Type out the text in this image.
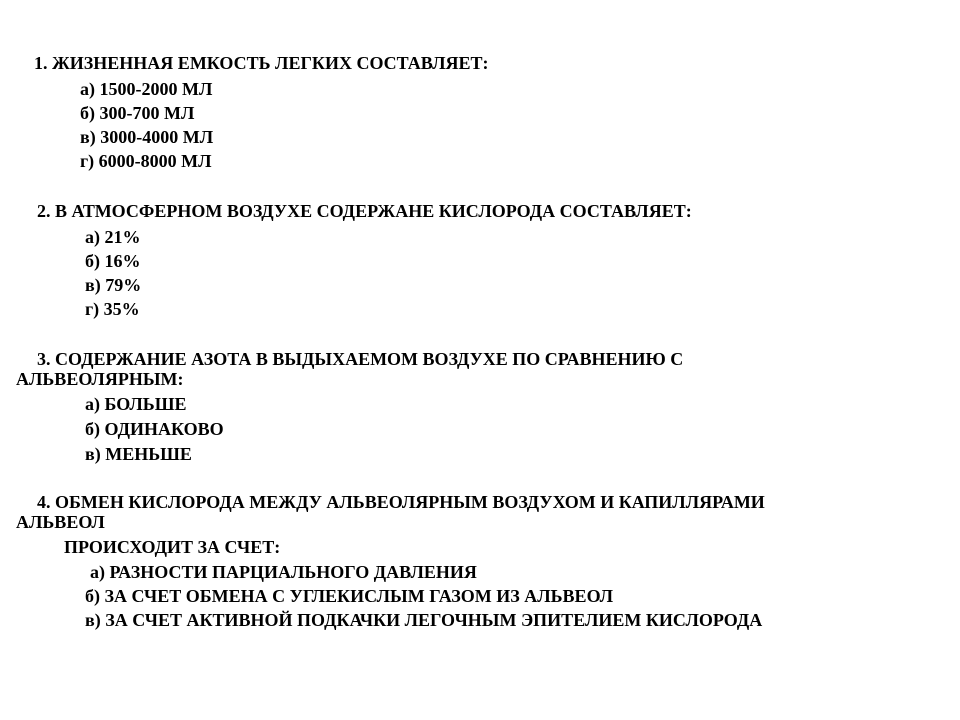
1. ЖИЗНЕННАЯ ЕМКОСТЬ ЛЕГКИХ СОСТАВЛЯЕТ:
а) 1500-2000 МЛ
б) 300-700 МЛ
в) 3000-4000 МЛ
г) 6000-8000 МЛ
2. В АТМОСФЕРНОМ ВОЗДУХЕ СОДЕРЖАНЕ КИСЛОРОДА СОСТАВЛЯЕТ:
а) 21%
б) 16%
в) 79%
г) 35%
3. СОДЕРЖАНИЕ АЗОТА В ВЫДЫХАЕМОМ ВОЗДУХЕ ПО СРАВНЕНИЮ С
АЛЬВЕОЛЯРНЫМ:
а) БОЛЬШЕ
б) ОДИНАКОВО
в) МЕНЬШЕ
4. ОБМЕН КИСЛОРОДА МЕЖДУ АЛЬВЕОЛЯРНЫМ ВОЗДУХОМ И КАПИЛЛЯРАМИ
АЛЬВЕОЛ
ПРОИСХОДИТ ЗА СЧЕТ:
а) РАЗНОСТИ ПАРЦИАЛЬНОГО ДАВЛЕНИЯ
б) ЗА СЧЕТ ОБМЕНА С УГЛЕКИСЛЫМ ГАЗОМ ИЗ АЛЬВЕОЛ
в) ЗА СЧЕТ АКТИВНОЙ ПОДКАЧКИ ЛЕГОЧНЫМ ЭПИТЕЛИЕМ КИСЛОРОДА
